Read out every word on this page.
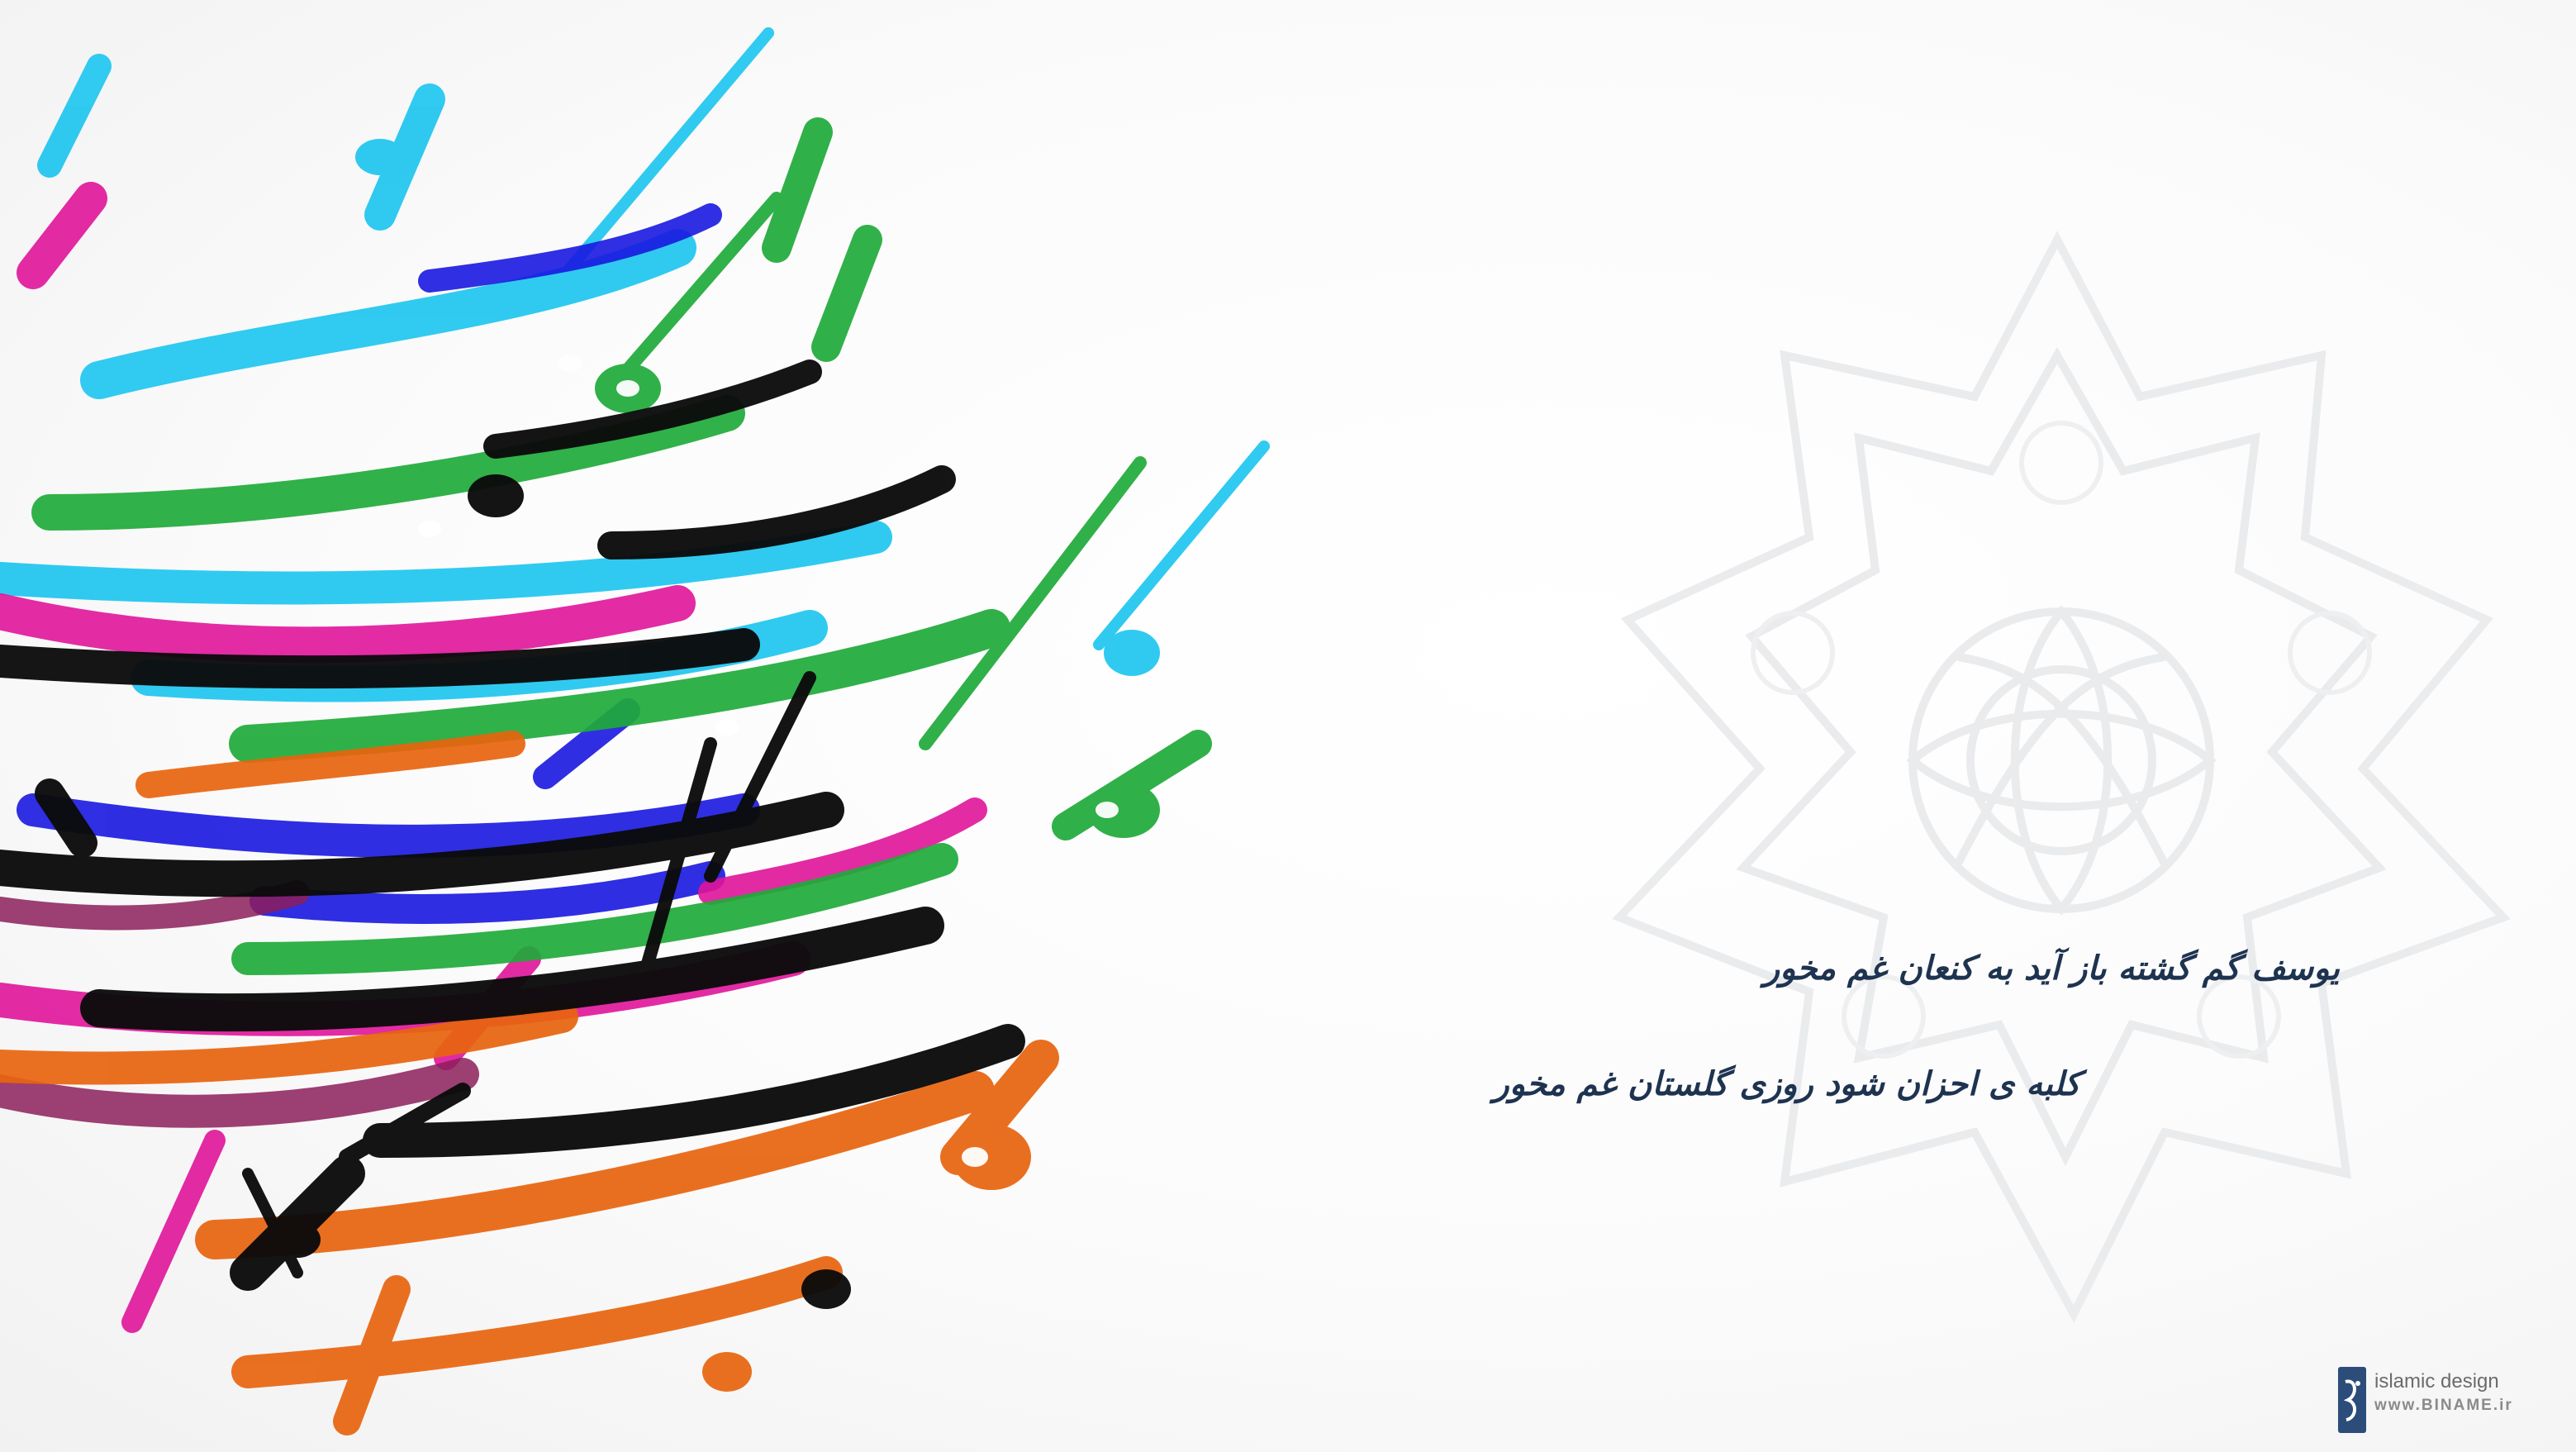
یوسف گم گشته باز آید به کنعان غم مخور
کلبه ی احزان شود روزی گلستان غم مخور
islamic design
www.BINAME.ir
